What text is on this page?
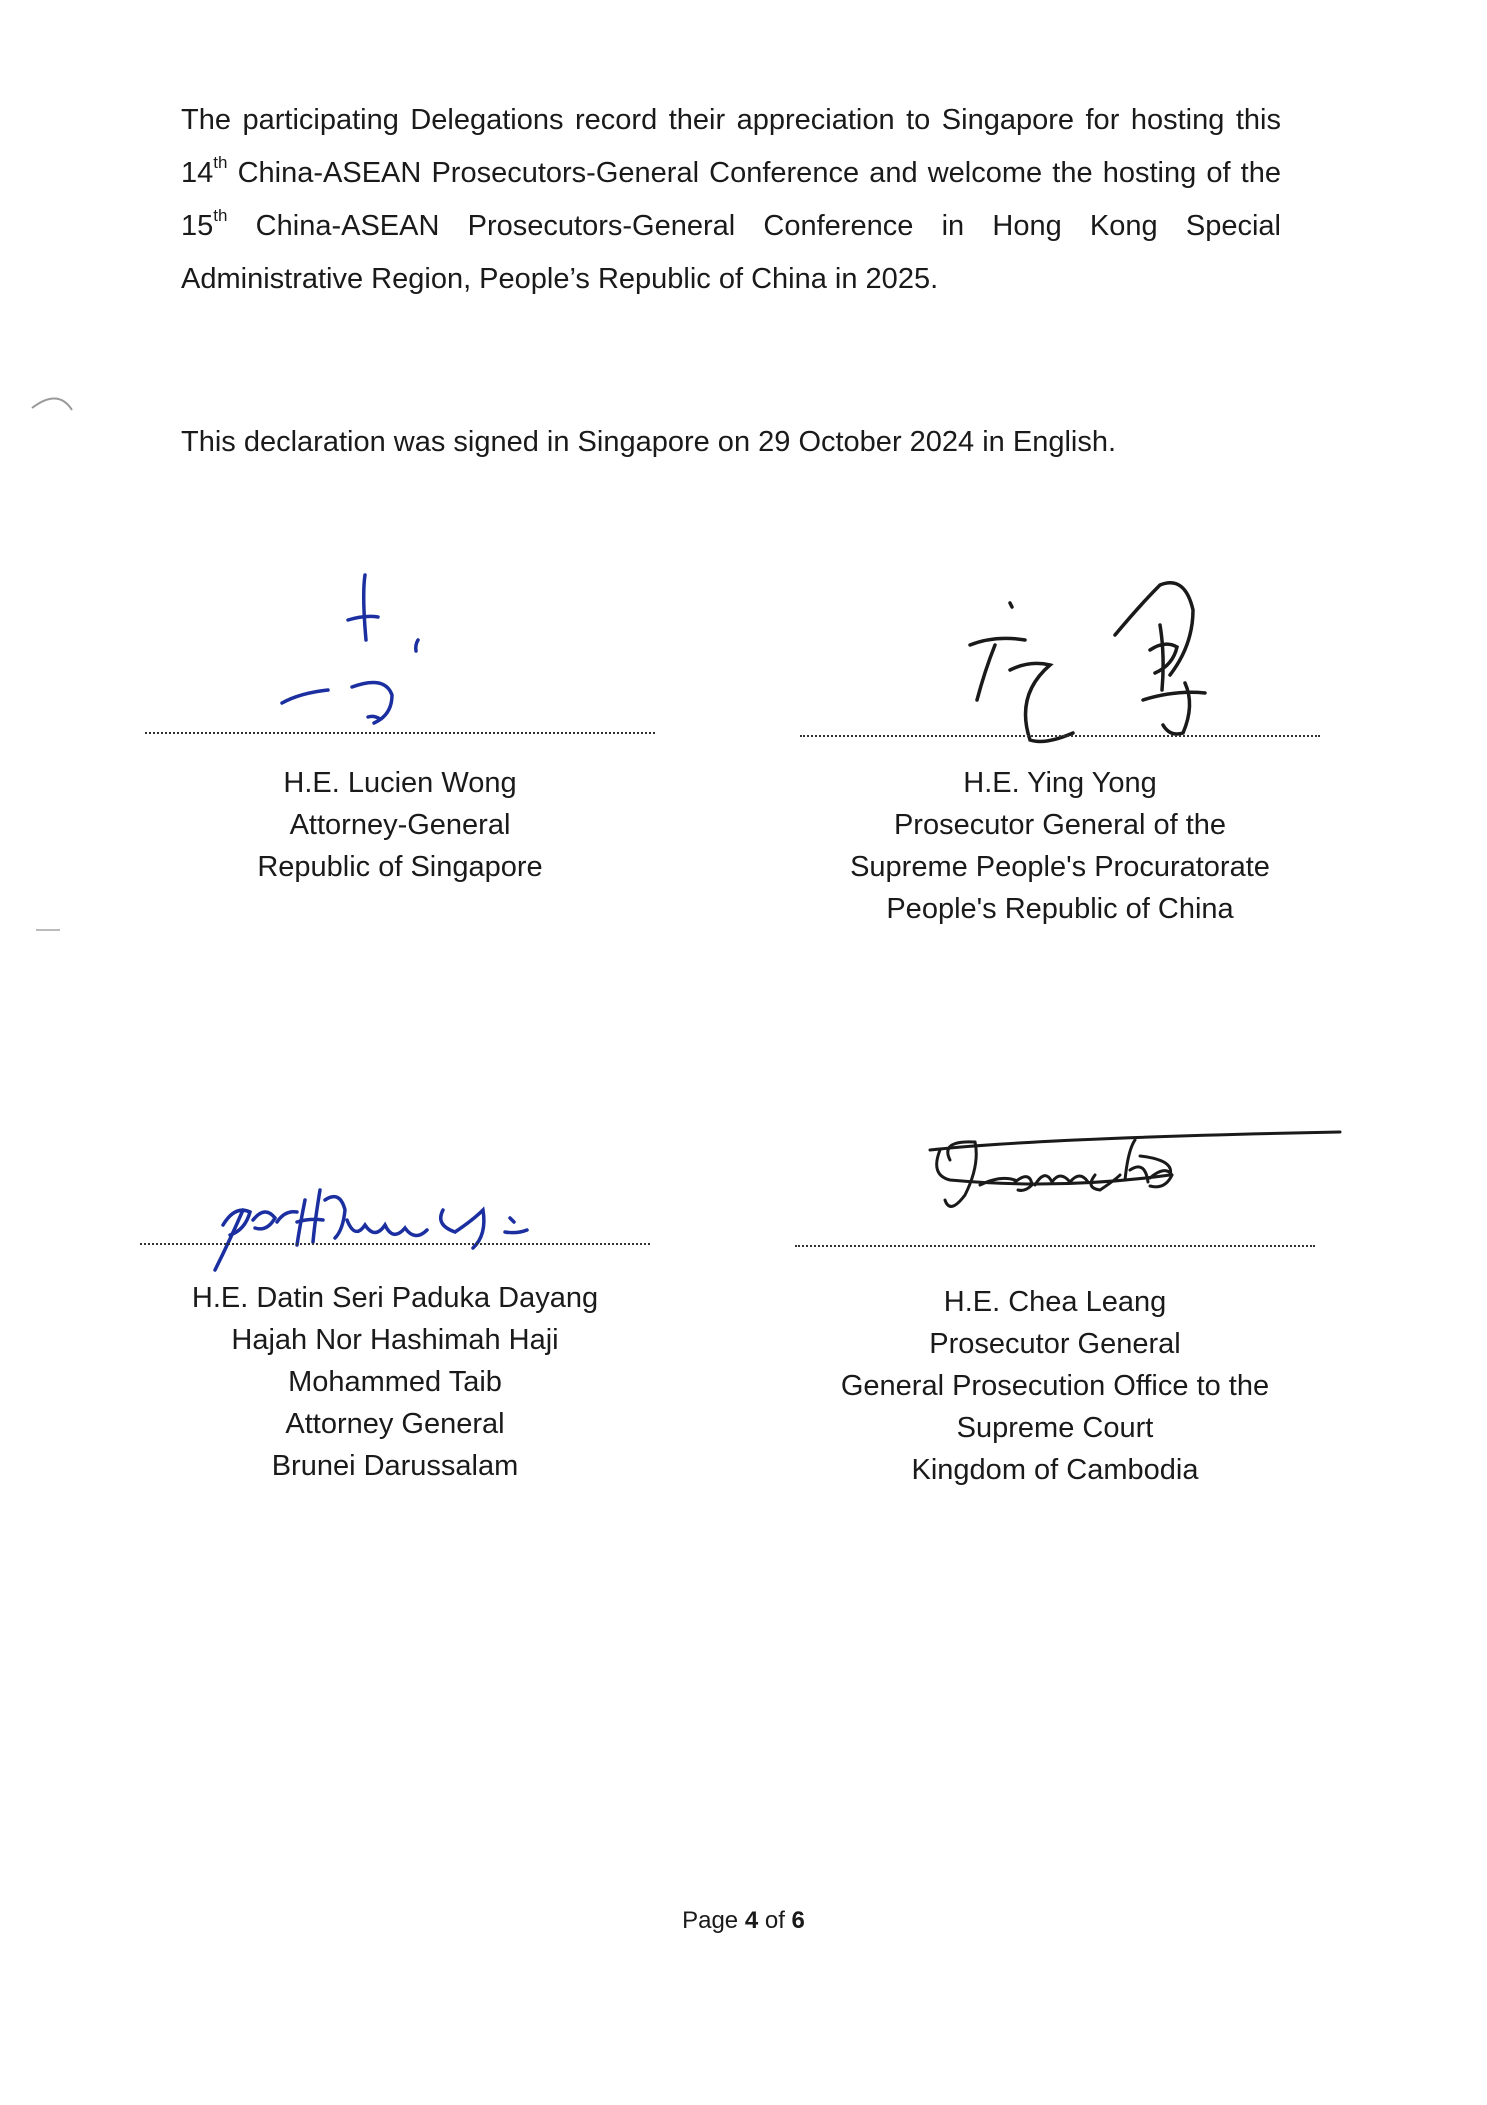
The participating Delegations record their appreciation to Singapore for hosting this 14th China-ASEAN Prosecutors-General Conference and welcome the hosting of the 15th China-ASEAN Prosecutors-General Conference in Hong Kong Special Administrative Region, People’s Republic of China in 2025.

This declaration was signed in Singapore on 29 October 2024 in English.

H.E. Lucien Wong
Attorney-General
Republic of Singapore
H.E. Ying Yong
Prosecutor General of the
Supreme People's Procuratorate
People's Republic of China
H.E. Datin Seri Paduka Dayang
Hajah Nor Hashimah Haji
Mohammed Taib
Attorney General
Brunei Darussalam
H.E. Chea Leang
Prosecutor General
General Prosecution Office to the
Supreme Court
Kingdom of Cambodia
Page 4 of 6
